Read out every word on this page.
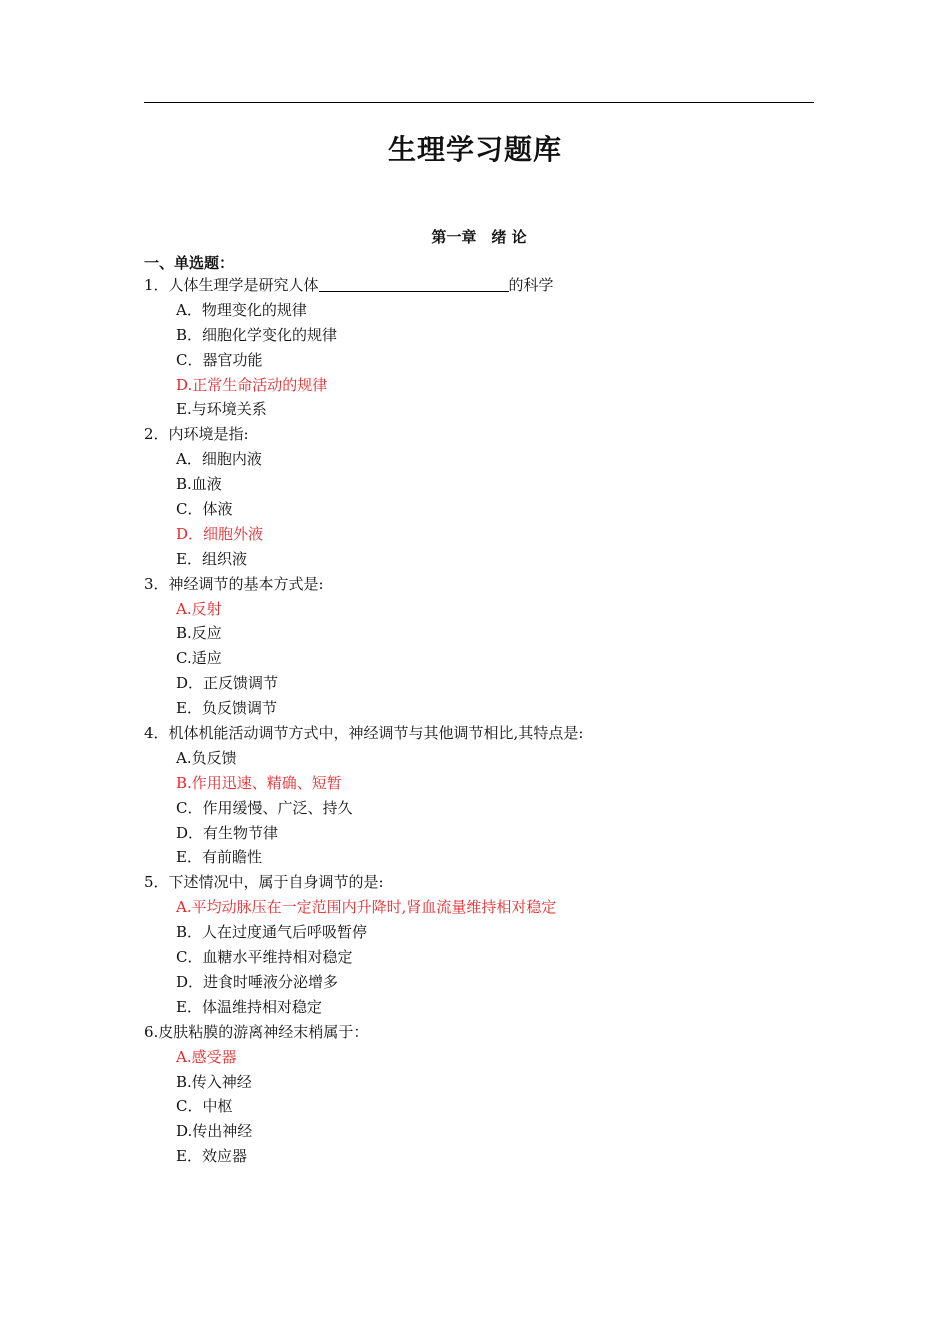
生理学习题库
第一章　绪 论
一、单选题：
1．人体生理学是研究人体	的科学
A．物理变化的规律
B．细胞化学变化的规律
C．器官功能
D.正常生命活动的规律
E.与环境关系
2．内环境是指:
A．细胞内液
B.血液
C．体液
D．细胞外液
E．组织液
3．神经调节的基本方式是:
A.反射
B.反应
C.适应
D．正反馈调节
E．负反馈调节
4．机体机能活动调节方式中，神经调节与其他调节相比,其特点是:
A.负反馈
B.作用迅速、精确、短暂
C．作用缓慢、广泛、持久
D．有生物节律
E．有前瞻性
5．下述情况中，属于自身调节的是:
A.平均动脉压在一定范围内升降时,肾血流量维持相对稳定
B．人在过度通气后呼吸暂停
C．血糖水平维持相对稳定
D．进食时唾液分泌增多
E．体温维持相对稳定
6.皮肤粘膜的游离神经末梢属于：
A.感受器
B.传入神经
C．中枢
D.传出神经
E．效应器
